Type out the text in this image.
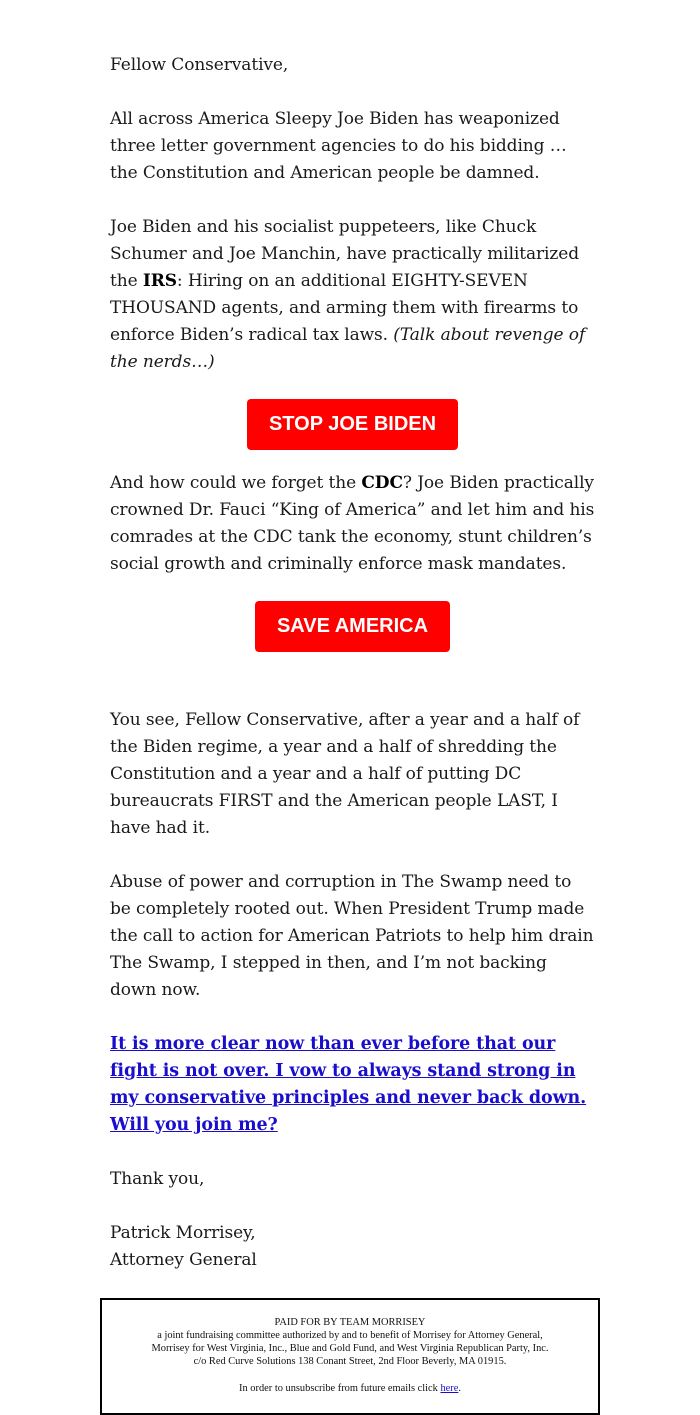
Fellow Conservative,

All across America Sleepy Joe Biden has weaponized three letter government agencies to do his bidding … the Constitution and American people be damned.

Joe Biden and his socialist puppeteers, like Chuck Schumer and Joe Manchin, have practically militarized the IRS: Hiring on an additional EIGHTY-SEVEN THOUSAND agents, and arming them with firearms to enforce Biden’s radical tax laws. (Talk about revenge of the nerds…)

STOP JOE BIDEN

And how could we forget the CDC? Joe Biden practically crowned Dr. Fauci “King of America” and let him and his comrades at the CDC tank the economy, stunt children’s social growth and criminally enforce mask mandates.

SAVE AMERICA

You see, Fellow Conservative, after a year and a half of the Biden regime, a year and a half of shredding the Constitution and a year and a half of putting DC bureaucrats FIRST and the American people LAST, I have had it.

Abuse of power and corruption in The Swamp need to be completely rooted out. When President Trump made the call to action for American Patriots to help him drain The Swamp, I stepped in then, and I’m not backing down now.

It is more clear now than ever before that our fight is not over. I vow to always stand strong in my conservative principles and never back down. Will you join me?

Thank you,

Patrick Morrisey,
Attorney General
PAID FOR BY TEAM MORRISEY
a joint fundraising committee authorized by and to benefit of Morrisey for Attorney General,
Morrisey for West Virginia, Inc., Blue and Gold Fund, and West Virginia Republican Party, Inc.
c/o Red Curve Solutions 138 Conant Street, 2nd Floor Beverly, MA 01915.
In order to unsubscribe from future emails click here.
